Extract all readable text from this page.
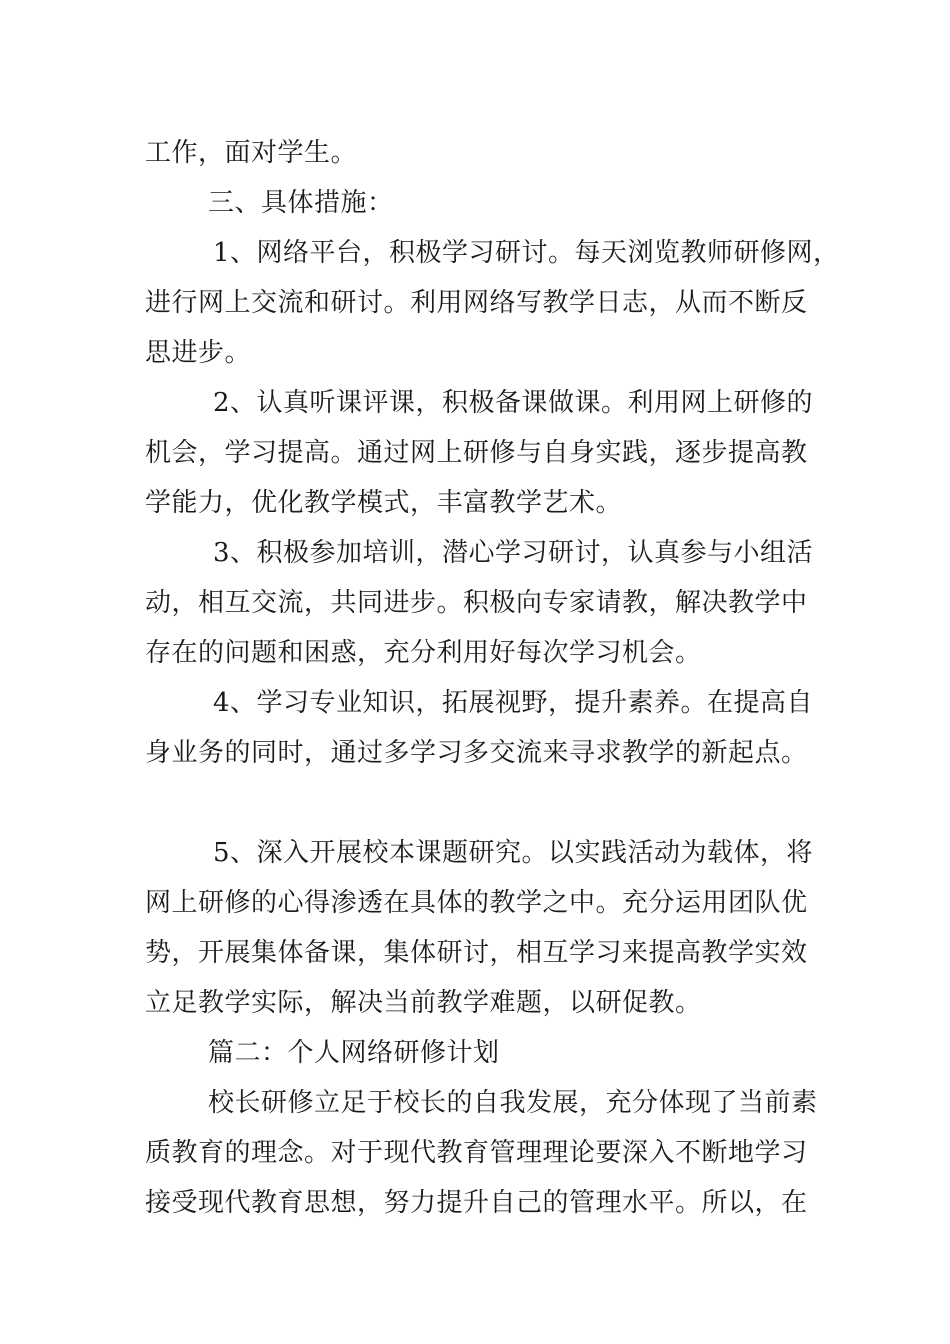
工作，面对学生。
三、具体措施：
1、网络平台，积极学习研讨。每天浏览教师研修网，
进行网上交流和研讨。利用网络写教学日志，从而不断反
思进步。
2、认真听课评课，积极备课做课。利用网上研修的
机会，学习提高。通过网上研修与自身实践，逐步提高教
学能力，优化教学模式，丰富教学艺术。
3、积极参加培训，潜心学习研讨，认真参与小组活
动，相互交流，共同进步。积极向专家请教，解决教学中
存在的问题和困惑，充分利用好每次学习机会。
4、学习专业知识，拓展视野，提升素养。在提高自
身业务的同时，通过多学习多交流来寻求教学的新起点。
5、深入开展校本课题研究。以实践活动为载体，将
网上研修的心得渗透在具体的教学之中。充分运用团队优
势，开展集体备课，集体研讨，相互学习来提高教学实效
立足教学实际，解决当前教学难题，以研促教。
篇二：个人网络研修计划
校长研修立足于校长的自我发展，充分体现了当前素
质教育的理念。对于现代教育管理理论要深入不断地学习
接受现代教育思想，努力提升自己的管理水平。所以，在
